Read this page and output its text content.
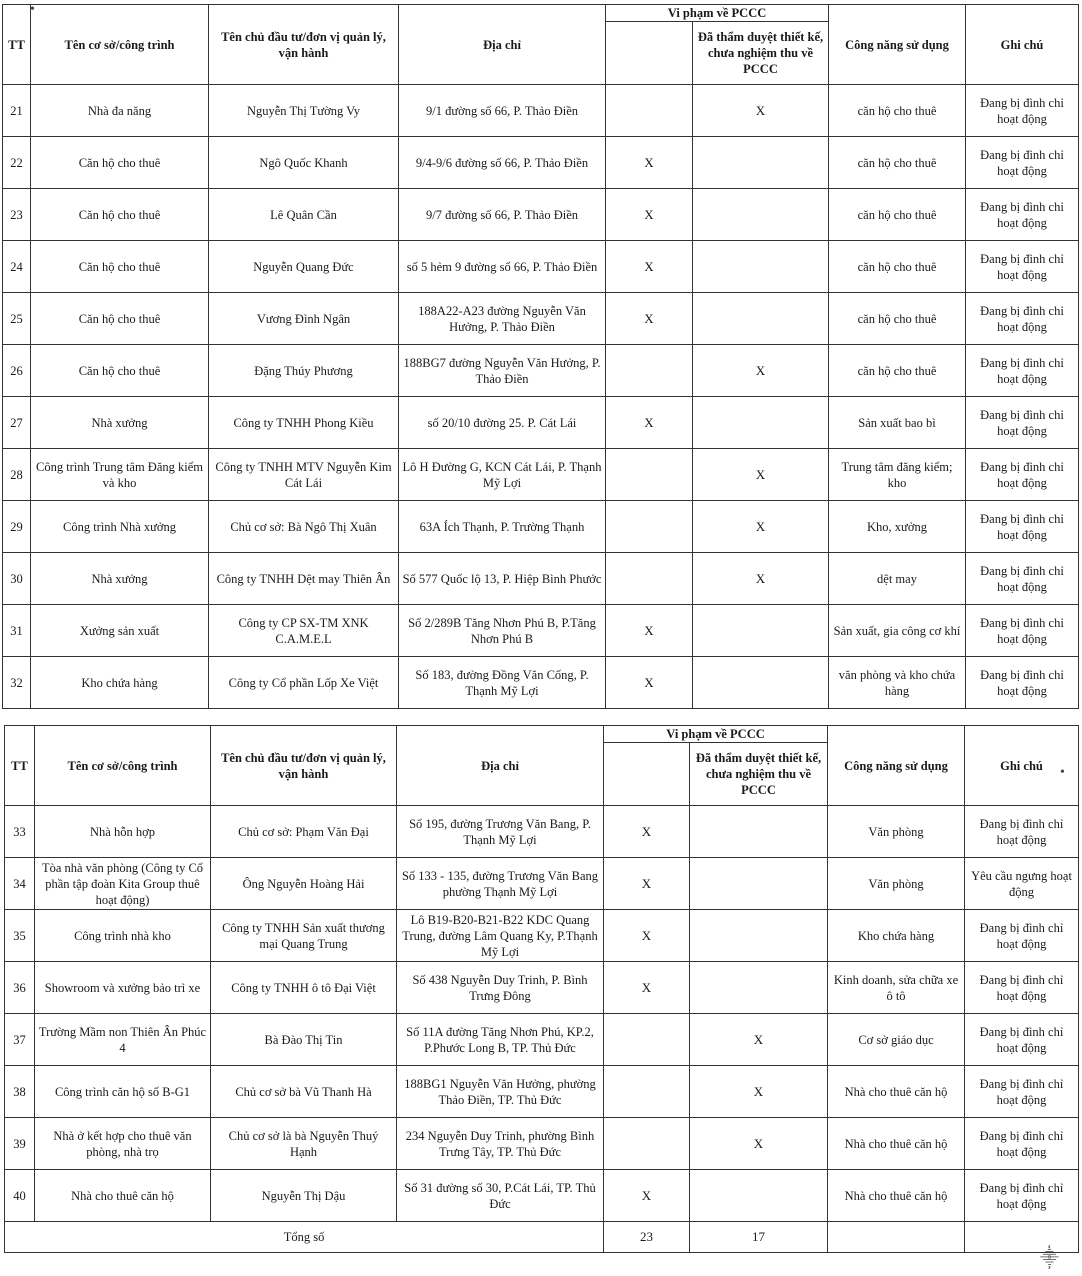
TT	Tên cơ sở/công trình	Tên chủ đầu tư/đơn vị quản lý, vận hành	Địa chỉ	Vi phạm về PCCC		Công năng sử dụng	Ghi chú
					Đã thẩm duyệt thiết kế, chưa nghiệm thu về PCCC		
21	Nhà đa năng	Nguyễn Thị Tường Vy	9/1 đường số 66, P. Thảo Điền		X	căn hộ cho thuê	Đang bị đình chỉ hoạt động
22	Căn hộ cho thuê	Ngô Quốc Khanh	9/4-9/6 đường số 66, P. Thảo Điền	X		căn hộ cho thuê	Đang bị đình chỉ hoạt động
23	Căn hộ cho thuê	Lê Quân Cần	9/7 đường số 66, P. Thảo Điền	X		căn hộ cho thuê	Đang bị đình chỉ hoạt động
24	Căn hộ cho thuê	Nguyễn Quang Đức	số 5 hẻm 9 đường số 66, P. Thảo Điền	X		căn hộ cho thuê	Đang bị đình chỉ hoạt động
25	Căn hộ cho thuê	Vương Đình Ngân	188A22-A23 đường Nguyễn Văn Hưởng, P. Thảo Điền	X		căn hộ cho thuê	Đang bị đình chỉ hoạt động
26	Căn hộ cho thuê	Đặng Thúy Phương	188BG7 đường Nguyễn Văn Hưởng, P. Thảo Điền		X	căn hộ cho thuê	Đang bị đình chỉ hoạt động
27	Nhà xưởng	Công ty TNHH Phong Kiều	số 20/10 đường 25. P. Cát Lái	X		Sản xuất bao bì	Đang bị đình chỉ hoạt động
28	Công trình Trung tâm Đăng kiểm và kho	Công ty TNHH MTV Nguyễn Kim Cát Lái	Lô H Đường G, KCN Cát Lái, P. Thạnh Mỹ Lợi		X	Trung tâm đăng kiểm; kho	Đang bị đình chỉ hoạt động
29	Công trình Nhà xưởng	Chủ cơ sở: Bà Ngô Thị Xuân	63A Ích Thạnh, P. Trường Thạnh		X	Kho, xưởng	Đang bị đình chỉ hoạt động
30	Nhà xưởng	Công ty TNHH Dệt may Thiên Ân	Số 577 Quốc lộ 13, P. Hiệp Bình Phước		X	dệt may	Đang bị đình chỉ hoạt động
31	Xưởng sản xuất	Công ty CP SX-TM XNK C.A.M.E.L	Số 2/289B Tăng Nhơn Phú B, P.Tăng Nhơn Phú B	X		Sản xuất, gia công cơ khí	Đang bị đình chỉ hoạt động
32	Kho chứa hàng	Công ty Cổ phần Lốp Xe Việt	Số 183, đường Đồng Văn Cống, P. Thạnh Mỹ Lợi	X		văn phòng và kho chứa hàng	Đang bị đình chỉ hoạt động
TT	Tên cơ sở/công trình	Tên chủ đầu tư/đơn vị quản lý, vận hành	Địa chỉ	Vi phạm về PCCC		Công năng sử dụng	Ghi chú
					Đã thẩm duyệt thiết kế, chưa nghiệm thu về PCCC		
33	Nhà hỗn hợp	Chủ cơ sở: Phạm Văn Đại	Số 195, đường Trương Văn Bang, P. Thạnh Mỹ Lợi	X		Văn phòng	Đang bị đình chỉ hoạt động
34	Tòa nhà văn phòng (Công ty Cổ phần tập đoàn Kita Group thuê hoạt động)	Ông Nguyễn Hoàng Hải	Số 133 - 135, đường Trương Văn Bang phường Thạnh Mỹ Lợi	X		Văn phòng	Yêu cầu ngưng hoạt động
35	Công trình nhà kho	Công ty TNHH Sản xuất thương mại Quang Trung	Lô B19-B20-B21-B22 KDC Quang Trung, đường Lâm Quang Ky, P.Thạnh Mỹ Lợi	X		Kho chứa hàng	Đang bị đình chỉ hoạt động
36	Showroom và xưởng bảo trì xe	Công ty TNHH ô tô Đại Việt	Số 438 Nguyễn Duy Trinh, P. Bình Trưng Đông	X		Kinh doanh, sửa chữa xe ô tô	Đang bị đình chỉ hoạt động
37	Trường Mầm non Thiên Ân Phúc 4	Bà Đào Thị Tin	Số 11A đường Tăng Nhơn Phú, KP.2, P.Phước Long B, TP. Thủ Đức		X	Cơ sở giáo dục	Đang bị đình chỉ hoạt động
38	Công trình căn hộ số B-G1	Chủ cơ sở bà Vũ Thanh Hà	188BG1 Nguyễn Văn Hưởng, phường Thảo Điền, TP. Thủ Đức		X	Nhà cho thuê căn hộ	Đang bị đình chỉ hoạt động
39	Nhà ở kết hợp cho thuê văn phòng, nhà trọ	Chủ cơ sở là bà Nguyễn Thuý Hạnh	234 Nguyễn Duy Trinh, phường Bình Trưng Tây, TP. Thủ Đức		X	Nhà cho thuê căn hộ	Đang bị đình chỉ hoạt động
40	Nhà cho thuê căn hộ	Nguyễn Thị Dậu	Số 31 đường số 30, P.Cát Lái, TP. Thủ Đức	X		Nhà cho thuê căn hộ	Đang bị đình chỉ hoạt động
Tổng số				23	17		
•
•
⸎
